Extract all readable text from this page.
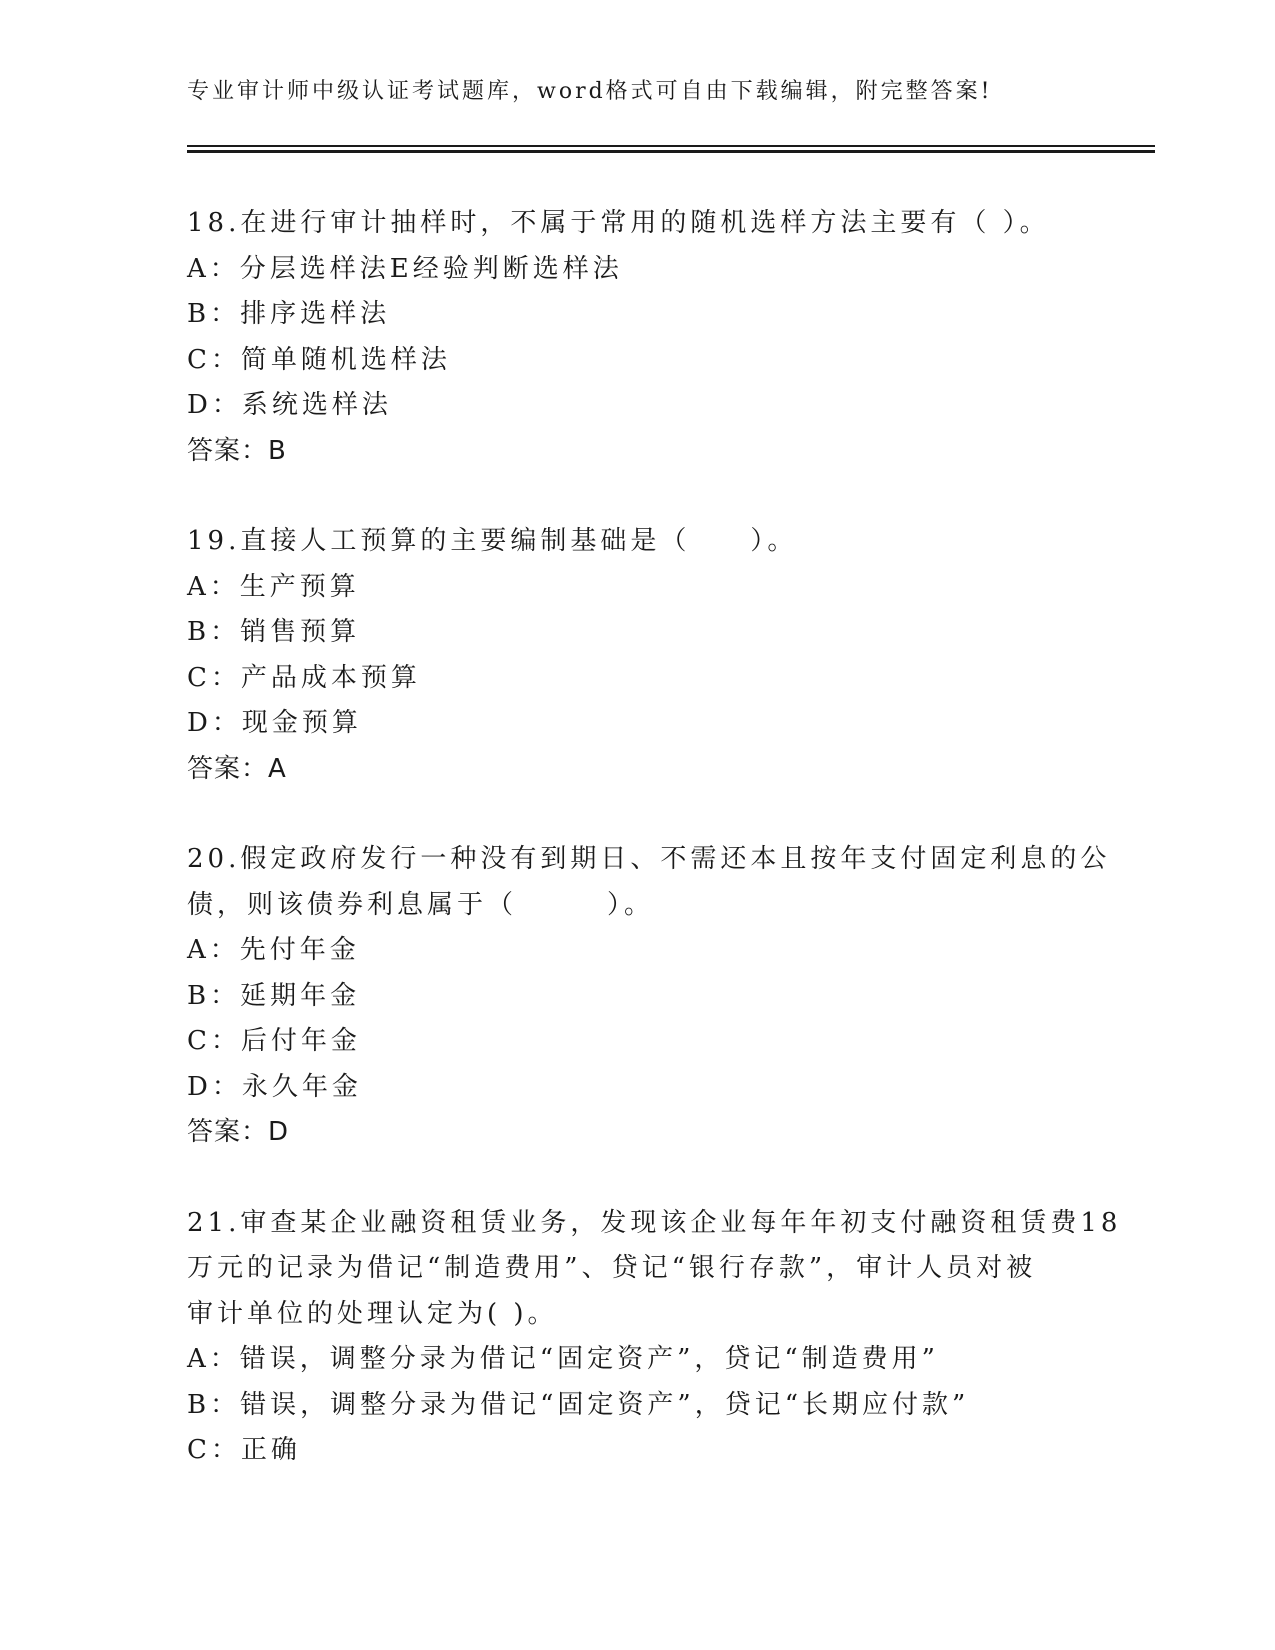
专业审计师中级认证考试题库，word格式可自由下载编辑，附完整答案!
18.在进行审计抽样时，不属于常用的随机选样方法主要有（ ）。
A：分层选样法E经验判断选样法
B：排序选样法
C：简单随机选样法
D：系统选样法
答案：B
19.直接人工预算的主要编制基础是（　　）。
A：生产预算
B：销售预算
C：产品成本预算
D：现金预算
答案：A
20.假定政府发行一种没有到期日、不需还本且按年支付固定利息的公
债，则该债券利息属于（　　　）。
A：先付年金
B：延期年金
C：后付年金
D：永久年金
答案：D
21.审查某企业融资租赁业务，发现该企业每年年初支付融资租赁费18
万元的记录为借记“制造费用”、贷记“银行存款”，审计人员对被
审计单位的处理认定为( )。
A：错误，调整分录为借记“固定资产”，贷记“制造费用”
B：错误，调整分录为借记“固定资产”，贷记“长期应付款”
C：正确
